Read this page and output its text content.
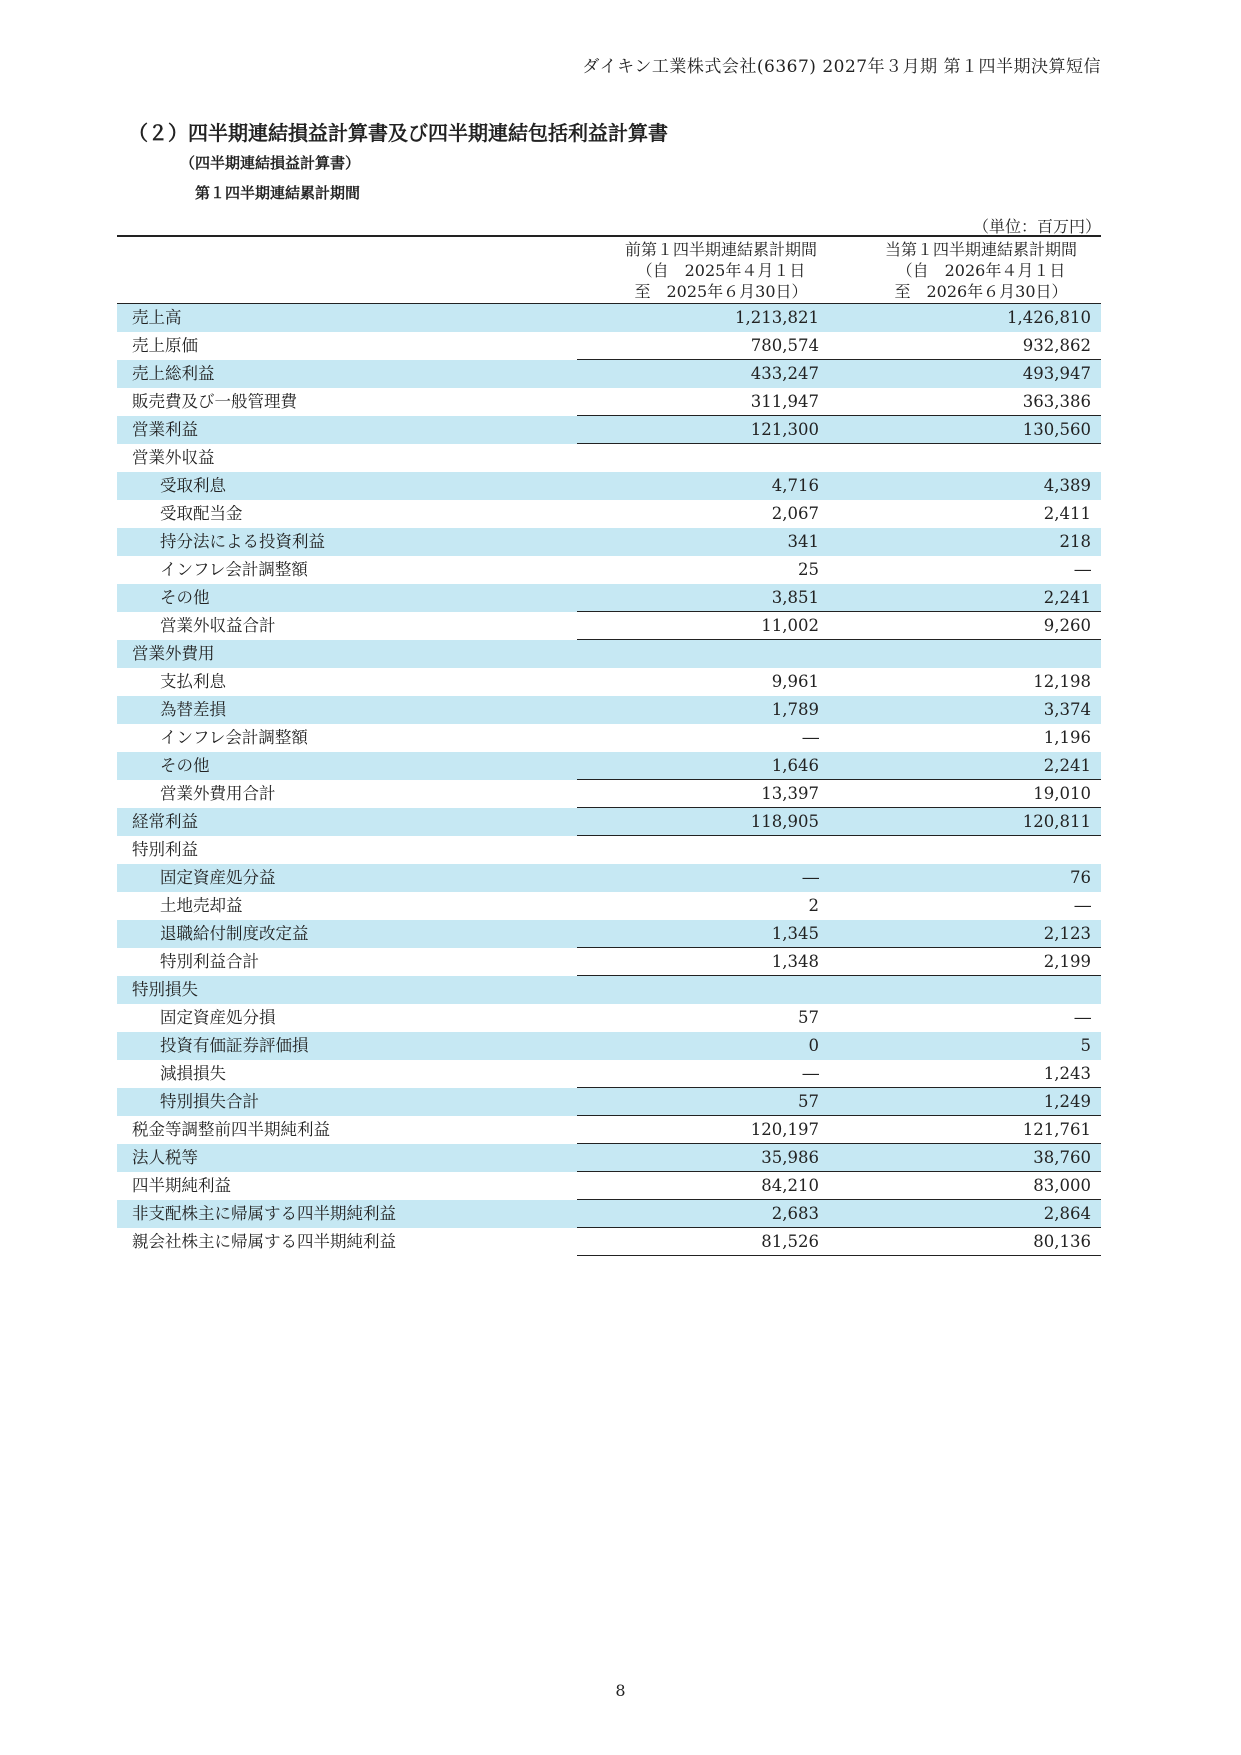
ダイキン工業株式会社(6367) 2027年３月期 第１四半期決算短信
（２）四半期連結損益計算書及び四半期連結包括利益計算書
（四半期連結損益計算書）
第１四半期連結累計期間
（単位：百万円）
前第１四半期連結累計期間
（自　2025年４月１日
至　2025年６月30日）
当第１四半期連結累計期間
（自　2026年４月１日
至　2026年６月30日）
売上高	1,213,821	1,426,810
売上原価	780,574	932,862
売上総利益	433,247	493,947
販売費及び一般管理費	311,947	363,386
営業利益	121,300	130,560
営業外収益
受取利息	4,716	4,389
受取配当金	2,067	2,411
持分法による投資利益	341	218
インフレ会計調整額	25	―
その他	3,851	2,241
営業外収益合計	11,002	9,260
営業外費用
支払利息	9,961	12,198
為替差損	1,789	3,374
インフレ会計調整額	―	1,196
その他	1,646	2,241
営業外費用合計	13,397	19,010
経常利益	118,905	120,811
特別利益
固定資産処分益	―	76
土地売却益	2	―
退職給付制度改定益	1,345	2,123
特別利益合計	1,348	2,199
特別損失
固定資産処分損	57	―
投資有価証券評価損	0	5
減損損失	―	1,243
特別損失合計	57	1,249
税金等調整前四半期純利益	120,197	121,761
法人税等	35,986	38,760
四半期純利益	84,210	83,000
非支配株主に帰属する四半期純利益	2,683	2,864
親会社株主に帰属する四半期純利益	81,526	80,136
8
